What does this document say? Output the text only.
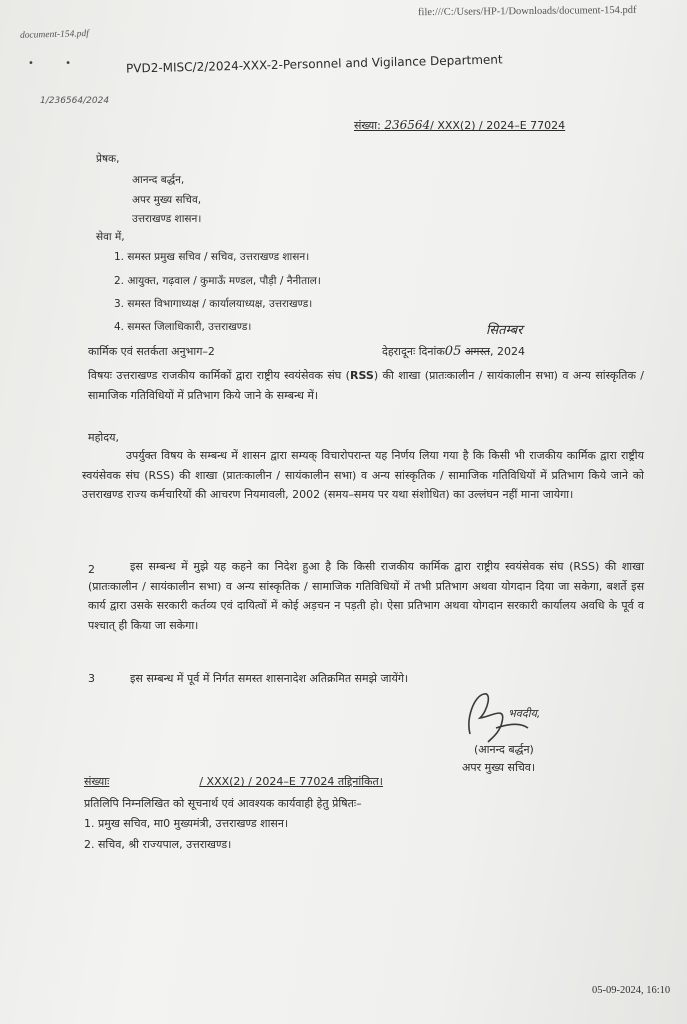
file:///C:/Users/HP-1/Downloads/document-154.pdf
document-154.pdf
• •	PVD2-MISC/2/2024-XXX-2-Personnel and Vigilance Department
1/236564/2024
संख्या: 236564/ XXX(2) / 2024–E 77024
प्रेषक,
आनन्द बर्द्धन,
अपर मुख्य सचिव,
उत्तराखण्ड शासन।
सेवा में,
1. समस्त प्रमुख सचिव / सचिव, उत्तराखण्ड शासन।
2. आयुक्त, गढ़वाल / कुमाऊँ मण्डल, पौड़ी / नैनीताल।
3. समस्त विभागाध्यक्ष / कार्यालयाध्यक्ष, उत्तराखण्ड।
4. समस्त जिलाधिकारी, उत्तराखण्ड।
कार्मिक एवं सतर्कता अनुभाग–2
सितम्बर
देहरादूनः दिनांक05 अगस्त, 2024
विषयः उत्तराखण्ड राजकीय कार्मिकों द्वारा राष्ट्रीय स्वयंसेवक संघ (RSS) की शाखा (प्रातःकालीन / सायंकालीन सभा) व अन्य सांस्कृतिक / सामाजिक गतिविधियों में प्रतिभाग किये जाने के सम्बन्ध में।
महोदय,
उपर्युक्त विषय के सम्बन्ध में शासन द्वारा सम्यक् विचारोपरान्त यह निर्णय लिया गया है कि किसी भी राजकीय कार्मिक द्वारा राष्ट्रीय स्वयंसेवक संघ (RSS) की शाखा (प्रातःकालीन / सायंकालीन सभा) व अन्य सांस्कृतिक / सामाजिक गतिविधियों में प्रतिभाग किये जाने को उत्तराखण्ड राज्य कर्मचारियों की आचरण नियमावली, 2002 (समय–समय पर यथा संशोधित) का उल्लंघन नहीं माना जायेगा।
2	इस सम्बन्ध में मुझे यह कहने का निदेश हुआ है कि किसी राजकीय कार्मिक द्वारा राष्ट्रीय स्वयंसेवक संघ (RSS) की शाखा (प्रातःकालीन / सायंकालीन सभा) व अन्य सांस्कृतिक / सामाजिक गतिविधियों में तभी प्रतिभाग अथवा योगदान दिया जा सकेगा, बशर्ते इस कार्य द्वारा उसके सरकारी कर्तव्य एवं दायित्वों में कोई अड़चन न पड़ती हो। ऐसा प्रतिभाग अथवा योगदान सरकारी कार्यालय अवधि के पूर्व व पश्चात् ही किया जा सकेगा।
3	इस सम्बन्ध में पूर्व में निर्गत समस्त शासनादेश अतिक्रमित समझे जायेंगे।
भवदीय,
(आनन्द बर्द्धन)
अपर मुख्य सचिव।
संख्याः	/ XXX(2) / 2024–E 77024 तद्दिनांकित।
प्रतिलिपि निम्नलिखित को सूचनार्थ एवं आवश्यक कार्यवाही हेतु प्रेषितः–
1. प्रमुख सचिव, मा0 मुख्यमंत्री, उत्तराखण्ड शासन।
2. सचिव, श्री राज्यपाल, उत्तराखण्ड।
05-09-2024, 16:10
